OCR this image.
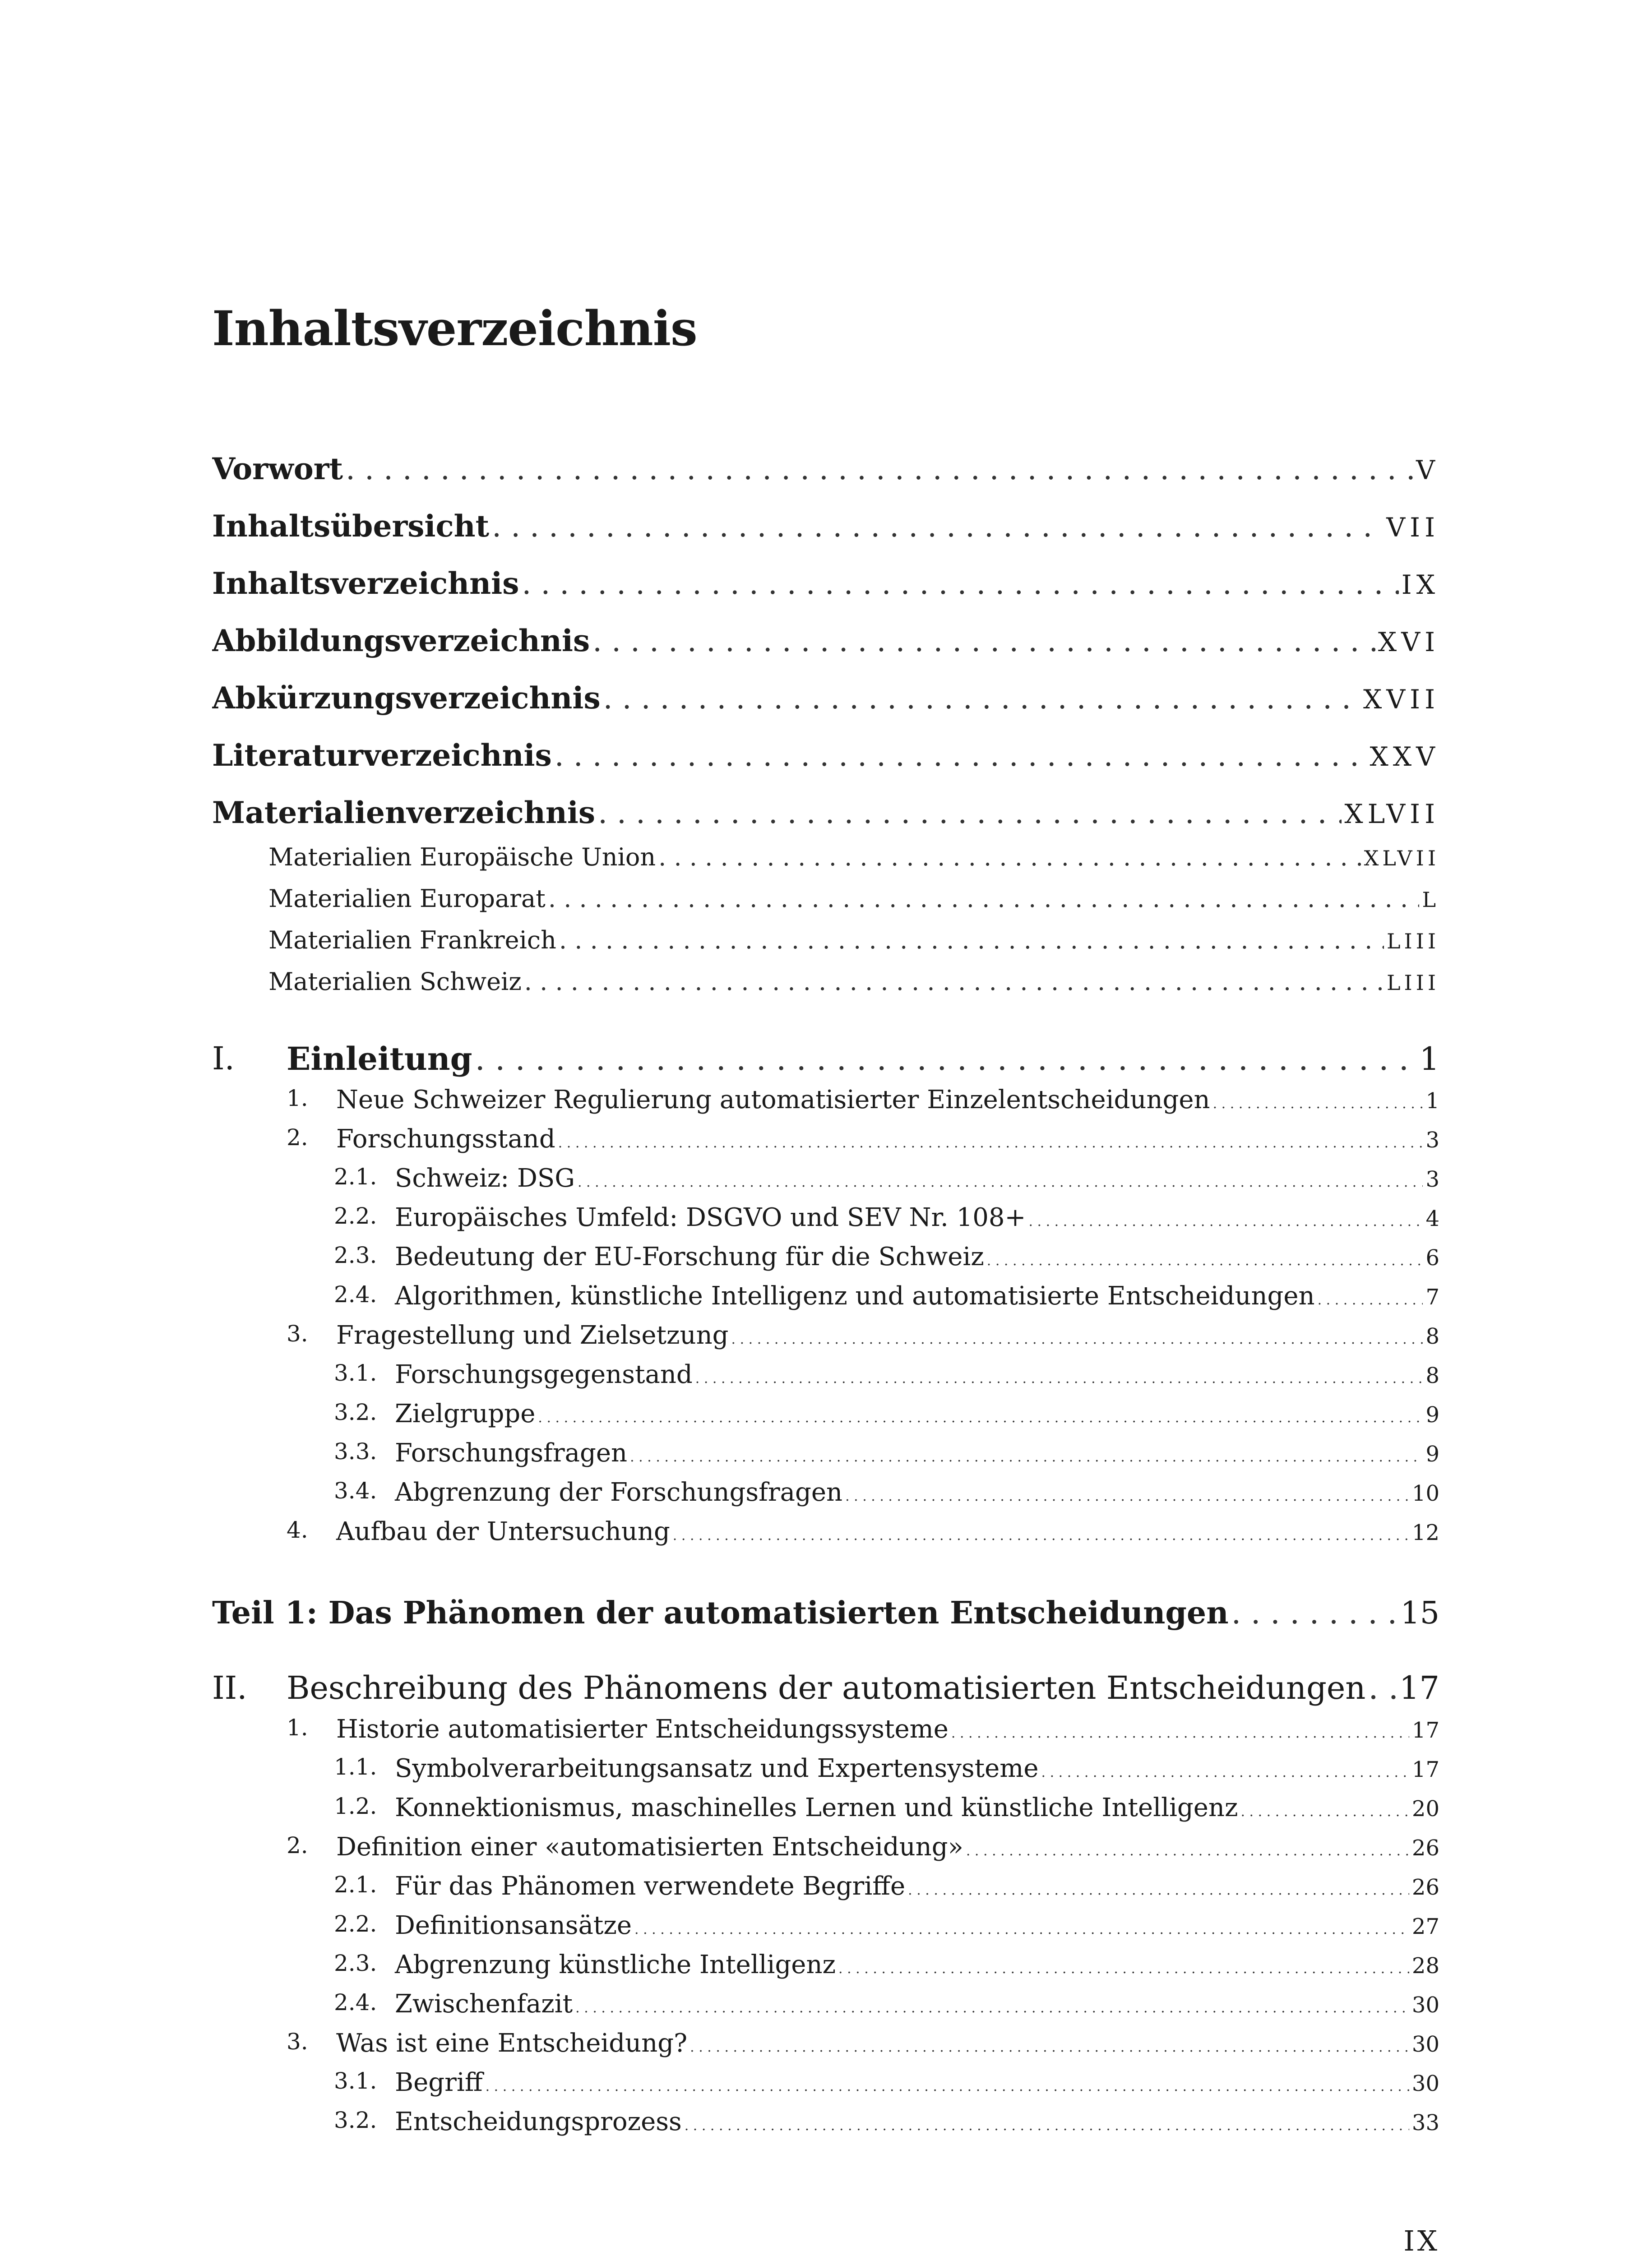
Inhaltsverzeichnis
Vorwort . . .	V
Inhaltsübersicht . . .	VII
Inhaltsverzeichnis . . .	IX
Abbildungsverzeichnis . . .	XVI
Abkürzungsverzeichnis . . .	XVII
Literaturverzeichnis . . .	XXV
Materialienverzeichnis . . .	XLVII
Materialien Europäische Union . . .	XLVII
Materialien Europarat . . .	L
Materialien Frankreich . . .	LIII
Materialien Schweiz . . .	LIII
I. Einleitung . . .	1
1. Neue Schweizer Regulierung automatisierter Einzelentscheidungen . . .	1
2. Forschungsstand . . .	3
2.1. Schweiz: DSG . . .	3
2.2. Europäisches Umfeld: DSGVO und SEV Nr. 108+ . . .	4
2.3. Bedeutung der EU-Forschung für die Schweiz . . .	6
2.4. Algorithmen, künstliche Intelligenz und automatisierte Entscheidungen . . .	7
3. Fragestellung und Zielsetzung . . .	8
3.1. Forschungsgegenstand . . .	8
3.2. Zielgruppe . . .	9
3.3. Forschungsfragen . . .	9
3.4. Abgrenzung der Forschungsfragen . . .	10
4. Aufbau der Untersuchung . . .	12
Teil 1: Das Phänomen der automatisierten Entscheidungen . . .	15
II. Beschreibung des Phänomens der automatisierten Entscheidungen . . . 17
1. Historie automatisierter Entscheidungssysteme . . .	17
1.1. Symbolverarbeitungsansatz und Expertensysteme . . .	17
1.2. Konnektionismus, maschinelles Lernen und künstliche Intelligenz . . .	20
2. Definition einer «automatisierten Entscheidung» . . .	26
2.1. Für das Phänomen verwendete Begriffe . . .	26
2.2. Definitionsansätze . . .	27
2.3. Abgrenzung künstliche Intelligenz . . .	28
2.4. Zwischenfazit . . .	30
3. Was ist eine Entscheidung? . . .	30
3.1. Begriff . . .	30
3.2. Entscheidungsprozess . . .	33
IX
